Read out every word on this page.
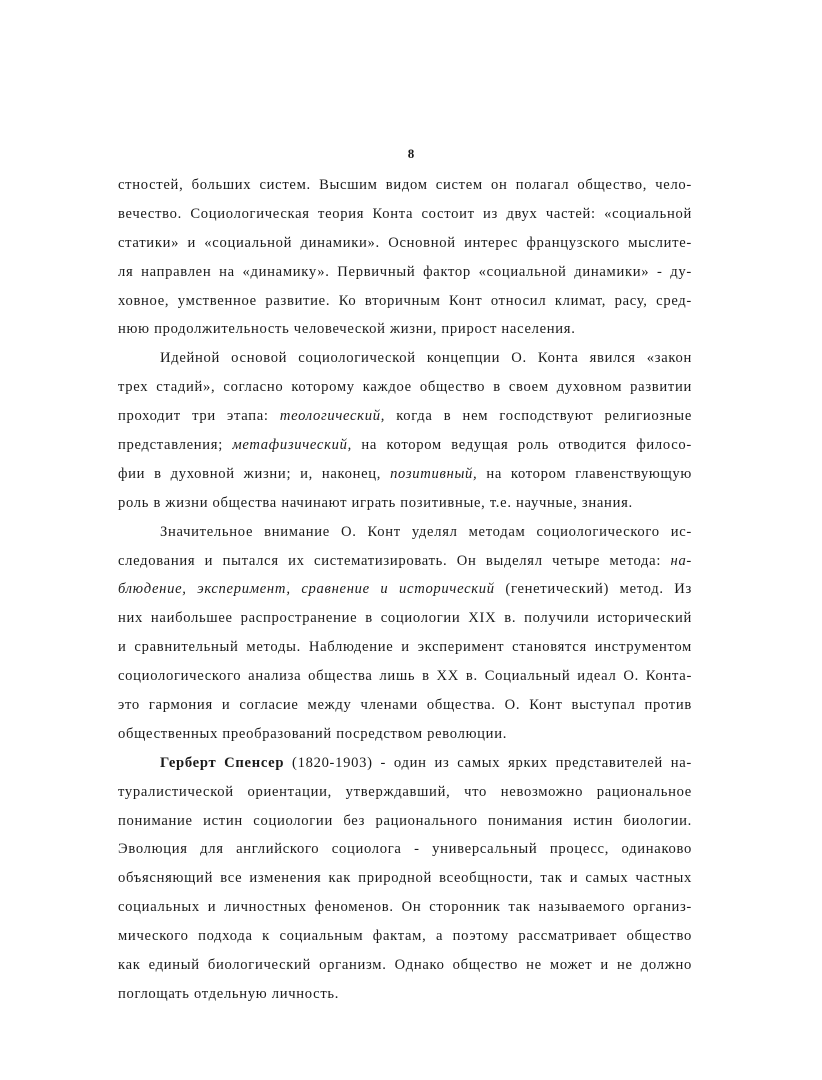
8
стностей, больших систем. Высшим видом систем он полагал общество, чело-
вечество. Социологическая теория Конта состоит из двух частей: «социальной
статики» и «социальной динамики». Основной интерес французского мыслите-
ля направлен на «динамику». Первичный фактор «социальной динамики» - ду-
ховное, умственное развитие. Ко вторичным Конт относил климат, расу, сред-
нюю продолжительность человеческой жизни, прирост населения.
Идейной основой социологической концепции О. Конта явился «закон
трех стадий», согласно которому каждое общество в своем духовном развитии
проходит три этапа: теологический, когда в нем господствуют религиозные
представления; метафизический, на котором ведущая роль отводится филосо-
фии в духовной жизни; и, наконец, позитивный, на котором главенствующую
роль в жизни общества начинают играть позитивные, т.е. научные, знания.
Значительное внимание О. Конт уделял методам социологического ис-
следования и пытался их систематизировать. Он выделял четыре метода: на-
блюдение, эксперимент, сравнение и исторический (генетический) метод. Из
них наибольшее распространение в социологии XIX в. получили исторический
и сравнительный методы. Наблюдение и эксперимент становятся инструментом
социологического анализа общества лишь в XX в. Социальный идеал О. Конта-
это гармония и согласие между членами общества. О. Конт выступал против
общественных преобразований посредством революции.
Герберт Спенсер (1820-1903) - один из самых ярких представителей на-
туралистической ориентации, утверждавший, что невозможно рациональное
понимание истин социологии без рационального понимания истин биологии.
Эволюция для английского социолога - универсальный процесс, одинаково
объясняющий все изменения как природной всеобщности, так и самых частных
социальных и личностных феноменов. Он сторонник так называемого организ-
мического подхода к социальным фактам, а поэтому рассматривает общество
как единый биологический организм. Однако общество не может и не должно
поглощать отдельную личность.
